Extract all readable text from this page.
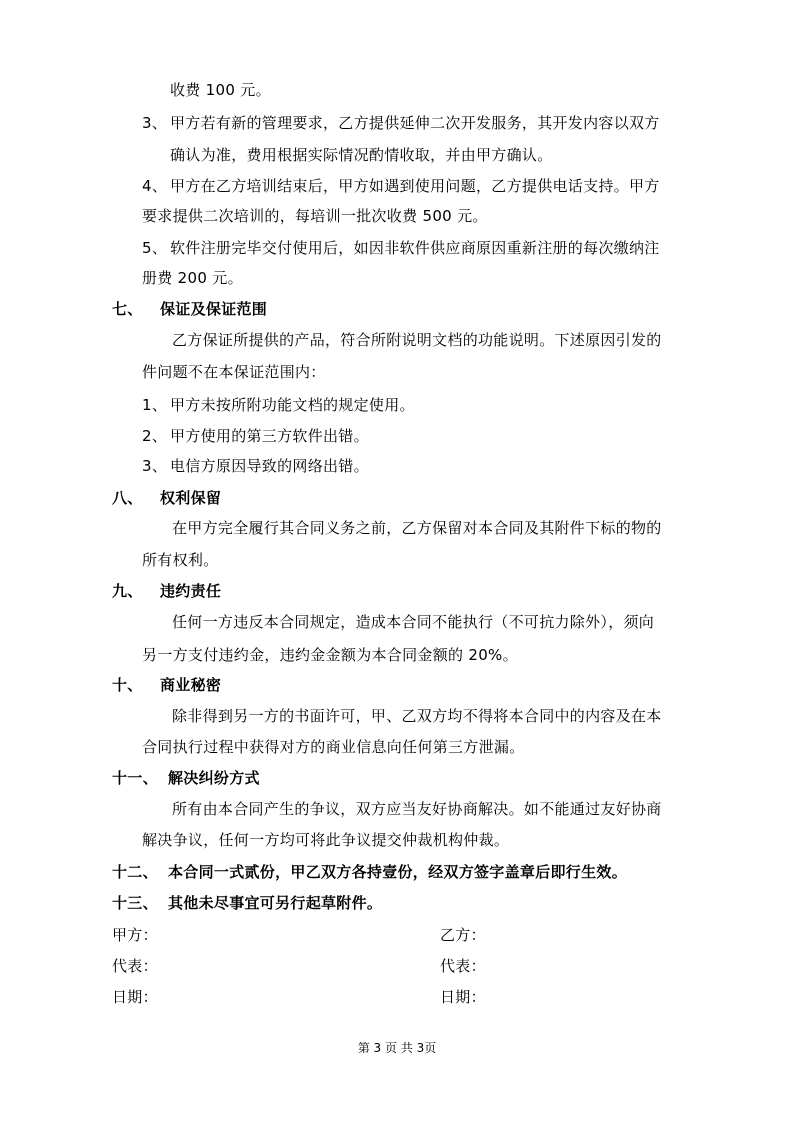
收费 100 元。
3、 甲方若有新的管理要求，乙方提供延伸二次开发服务，其开发内容以双方
确认为准，费用根据实际情况酌情收取，并由甲方确认。
4、 甲方在乙方培训结束后，甲方如遇到使用问题，乙方提供电话支持。甲方
要求提供二次培训的，每培训一批次收费 500 元。
5、 软件注册完毕交付使用后，如因非软件供应商原因重新注册的每次缴纳注
册费 200 元。
七、 保证及保证范围
乙方保证所提供的产品，符合所附说明文档的功能说明。下述原因引发的
件问题不在本保证范围内：
1、 甲方未按所附功能文档的规定使用。
2、 甲方使用的第三方软件出错。
3、 电信方原因导致的网络出错。
八、 权利保留
在甲方完全履行其合同义务之前，乙方保留对本合同及其附件下标的物的
所有权利。
九、 违约责任
任何一方违反本合同规定，造成本合同不能执行（不可抗力除外），须向
另一方支付违约金，违约金金额为本合同金额的 20%。
十、 商业秘密
除非得到另一方的书面许可，甲、乙双方均不得将本合同中的内容及在本
合同执行过程中获得对方的商业信息向任何第三方泄漏。
十一、 解决纠纷方式
所有由本合同产生的争议，双方应当友好协商解决。如不能通过友好协商
解决争议，任何一方均可将此争议提交仲裁机构仲裁。
十二、 本合同一式贰份，甲乙双方各持壹份，经双方签字盖章后即行生效。
十三、 其他未尽事宜可另行起草附件。
甲方：	乙方：
代表：	代表：
日期：	日期：
第 3 页 共 3页
